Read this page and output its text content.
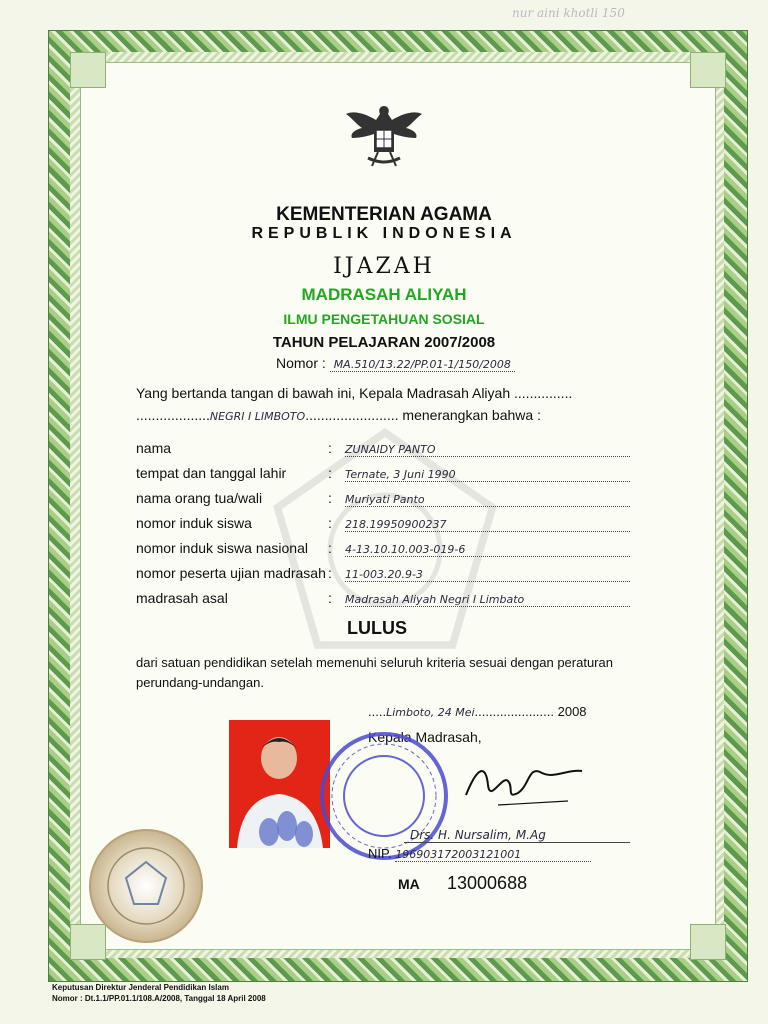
nur aini khotli 150
KEMENTERIAN AGAMA
REPUBLIK INDONESIA
IJAZAH
MADRASAH ALIYAH
ILMU PENGETAHUAN SOSIAL
TAHUN PELAJARAN 2007/2008
Nomor : MA.510/13.22/PP.01-1/150/2008
Yang bertanda tangan di bawah ini, Kepala Madrasah Aliyah ...............
...................NEGRI I LIMBOTO........................ menerangkan bahwa :
nama	: ZUNAIDY PANTO
tempat dan tanggal lahir	: Ternate, 3 Juni 1990
nama orang tua/wali	: Muriyati Panto
nomor induk siswa	: 218.19950900237
nomor induk siswa nasional : 4-13.10.10.003-019-6
nomor peserta ujian madrasah : 11-003.20.9-3
madrasah asal	: Madrasah Aliyah Negri I Limbato
LULUS
dari satuan pendidikan setelah memenuhi seluruh kriteria sesuai dengan peraturan perundang-undangan.
.....Limboto, 24 Mei...................... 2008
Kepala Madrasah,
Drs. H. Nursalim, M.Ag
NIP. 196903172003121001
MA 13000688
Keputusan Direktur Jenderal Pendidikan Islam
Nomor : Dt.1.1/PP.01.1/108.A/2008, Tanggal 18 April 2008
